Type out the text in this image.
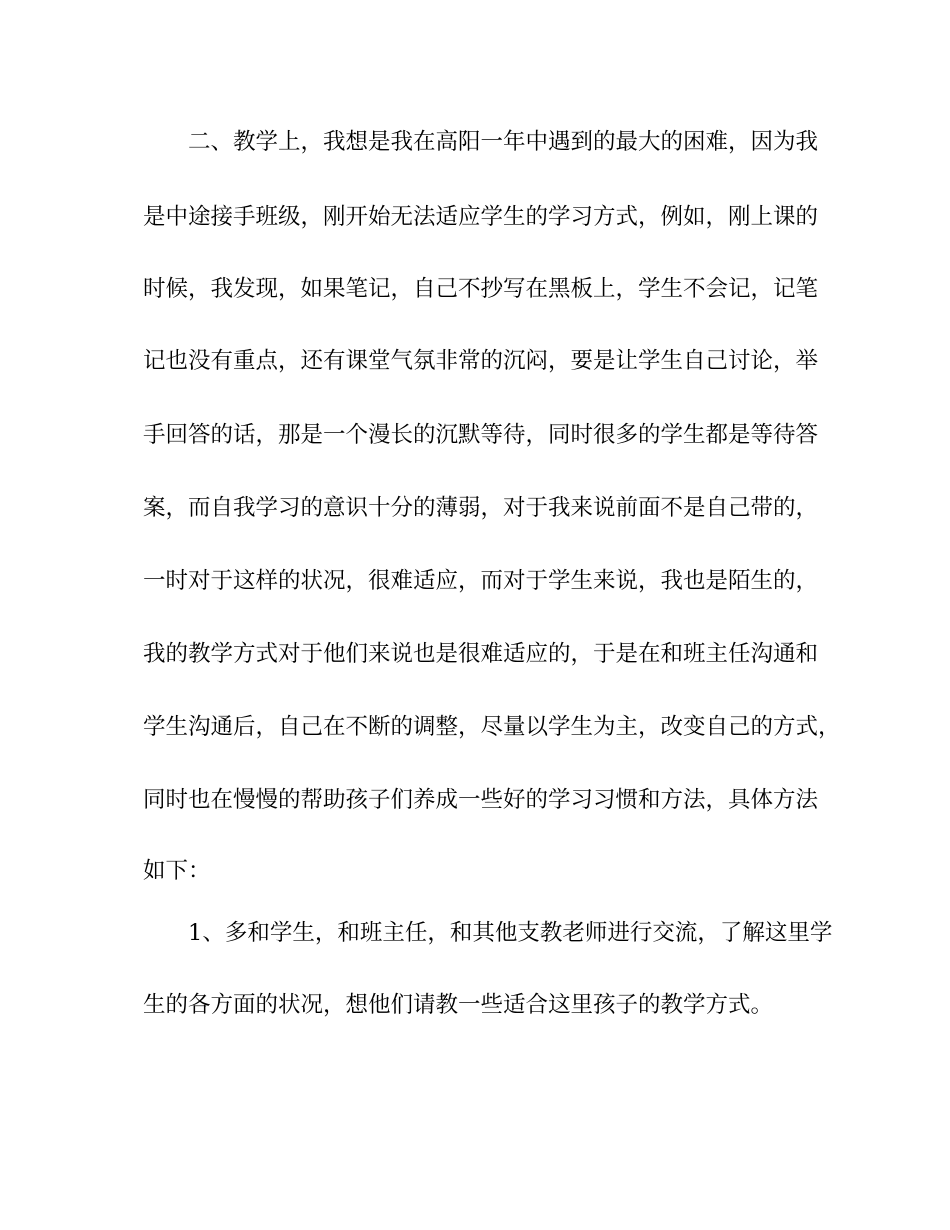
二、教学上，我想是我在高阳一年中遇到的最大的困难，因为我

是中途接手班级，刚开始无法适应学生的学习方式，例如，刚上课的

时候，我发现，如果笔记，自己不抄写在黑板上，学生不会记，记笔

记也没有重点，还有课堂气氛非常的沉闷，要是让学生自己讨论，举

手回答的话，那是一个漫长的沉默等待，同时很多的学生都是等待答

案，而自我学习的意识十分的薄弱，对于我来说前面不是自己带的，

一时对于这样的状况，很难适应，而对于学生来说，我也是陌生的，

我的教学方式对于他们来说也是很难适应的，于是在和班主任沟通和

学生沟通后，自己在不断的调整，尽量以学生为主，改变自己的方式，

同时也在慢慢的帮助孩子们养成一些好的学习习惯和方法，具体方法

如下：

1、多和学生，和班主任，和其他支教老师进行交流，了解这里学

生的各方面的状况，想他们请教一些适合这里孩子的教学方式。
